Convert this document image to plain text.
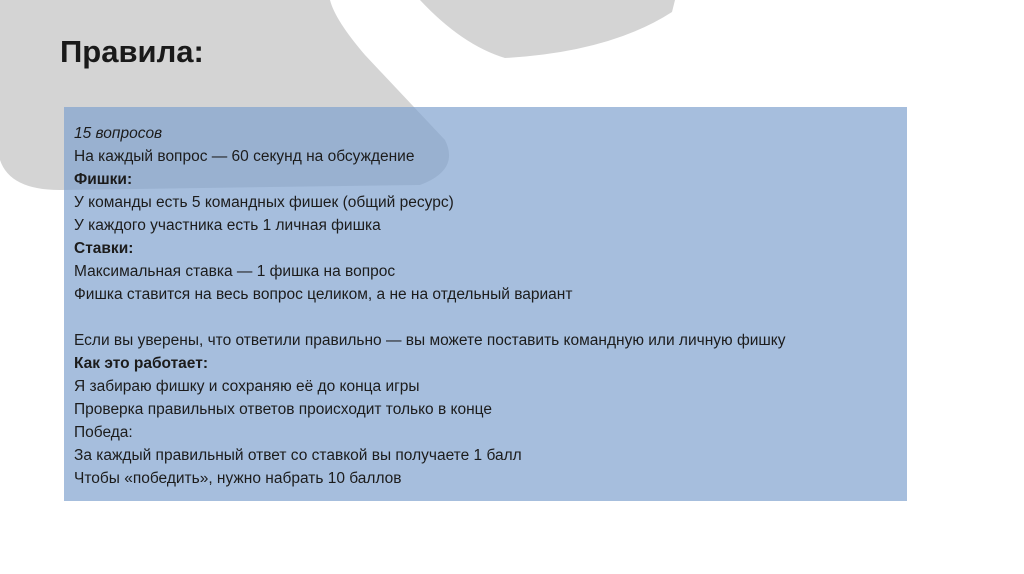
Правила:
15 вопросов
На каждый вопрос — 60 секунд на обсуждение
Фишки:
У команды есть 5 командных фишек (общий ресурс)
У каждого участника есть 1 личная фишка
Ставки:
Максимальная ставка — 1 фишка на вопрос
Фишка ставится на весь вопрос целиком, а не на отдельный вариант
Если вы уверены, что ответили правильно — вы можете поставить командную или личную фишку
Как это работает:
Я забираю фишку и сохраняю её до конца игры
Проверка правильных ответов происходит только в конце
Победа:
За каждый правильный ответ со ставкой вы получаете 1 балл
Чтобы «победить», нужно набрать 10 баллов
